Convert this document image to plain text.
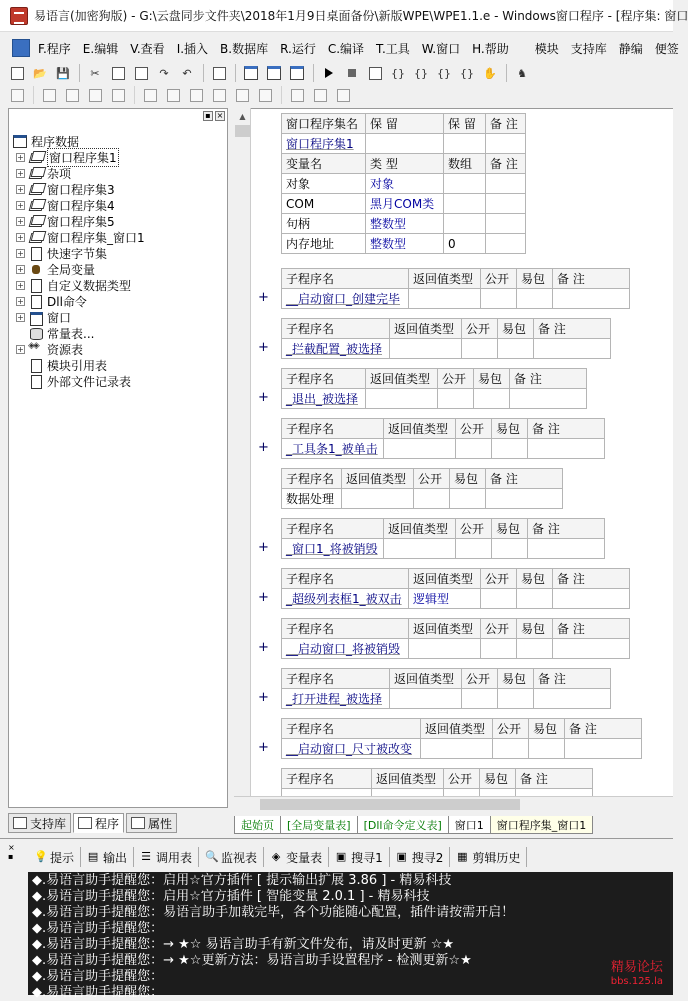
易语言(加密狗版) - G:\云盘同步文件夹\2018年1月9日桌面备份\新版WPE\WPE1.1.e - Windows窗口程序 - [程序集: 窗口
F.程序	E.编辑	V.查看	I.插入	B.数据库	R.运行	C.编译	T.工具	W.窗口	H.帮助	模块	支持库	静编	便签
📂 💾	✂	↷	↶	{} {} {} {} ✋	♞
▪ ×
程序数据
+ 窗口程序集1
+ 杂项
+ 窗口程序集3
+ 窗口程序集4
+ 窗口程序集5
+ 窗口程序集_窗口1
+ 快速字节集
+ 全局变量
+ 自定义数据类型
+ Dll命令
+ 窗口
常量表...
+ ◈◈ 资源表
模块引用表
外部文件记录表
支持库 程序 属性
▲
窗口程序集名	保 留	保 留	备 注
窗口程序集1			
变量名	类 型	数组	备 注
对象	对象		
COM	黑月COM类		
句柄	整数型		
内存地址	整数型	0	
+
子程序名	返回值类型	公开	易包	备 注
__启动窗口_创建完毕				
+
子程序名	返回值类型	公开	易包	备 注
_拦截配置_被选择				
+
子程序名	返回值类型	公开	易包	备 注
_退出_被选择				
+
子程序名	返回值类型	公开	易包	备 注
_工具条1_被单击				
子程序名	返回值类型	公开	易包	备 注
数据处理				
+
子程序名	返回值类型	公开	易包	备 注
_窗口1_将被销毁				
+
子程序名	返回值类型	公开	易包	备 注
_超级列表框1_被双击	逻辑型			
+
子程序名	返回值类型	公开	易包	备 注
__启动窗口_将被销毁				
+
子程序名	返回值类型	公开	易包	备 注
_打开进程_被选择				
+
子程序名	返回值类型	公开	易包	备 注
__启动窗口_尺寸被改变				
子程序名	返回值类型	公开	易包	备 注

起始页	[全局变量表]	[Dll命令定义表]	窗口1	窗口程序集_窗口1
×
▪ 💡 提示 ▤ 输出 ☰ 调用表 🔍 监视表 ◈ 变量表 ▣ 搜寻1 ▣ 搜寻2 ▦ 剪辑历史
◆.易语言助手提醒您：启用☆官方插件 [ 提示输出扩展 3.86 ] - 精易科技
◆.易语言助手提醒您：启用☆官方插件 [ 智能变量 2.0.1 ] - 精易科技
◆.易语言助手提醒您：易语言助手加载完毕，各个功能随心配置，插件请按需开启！
◆.易语言助手提醒您：
◆.易语言助手提醒您：→ ★☆ 易语言助手有新文件发布，请及时更新 ☆★
◆.易语言助手提醒您：→ ★☆更新方法：易语言助手设置程序 - 检测更新☆★
◆.易语言助手提醒您：
◆.易语言助手提醒您：
精易论坛
bbs.125.la
